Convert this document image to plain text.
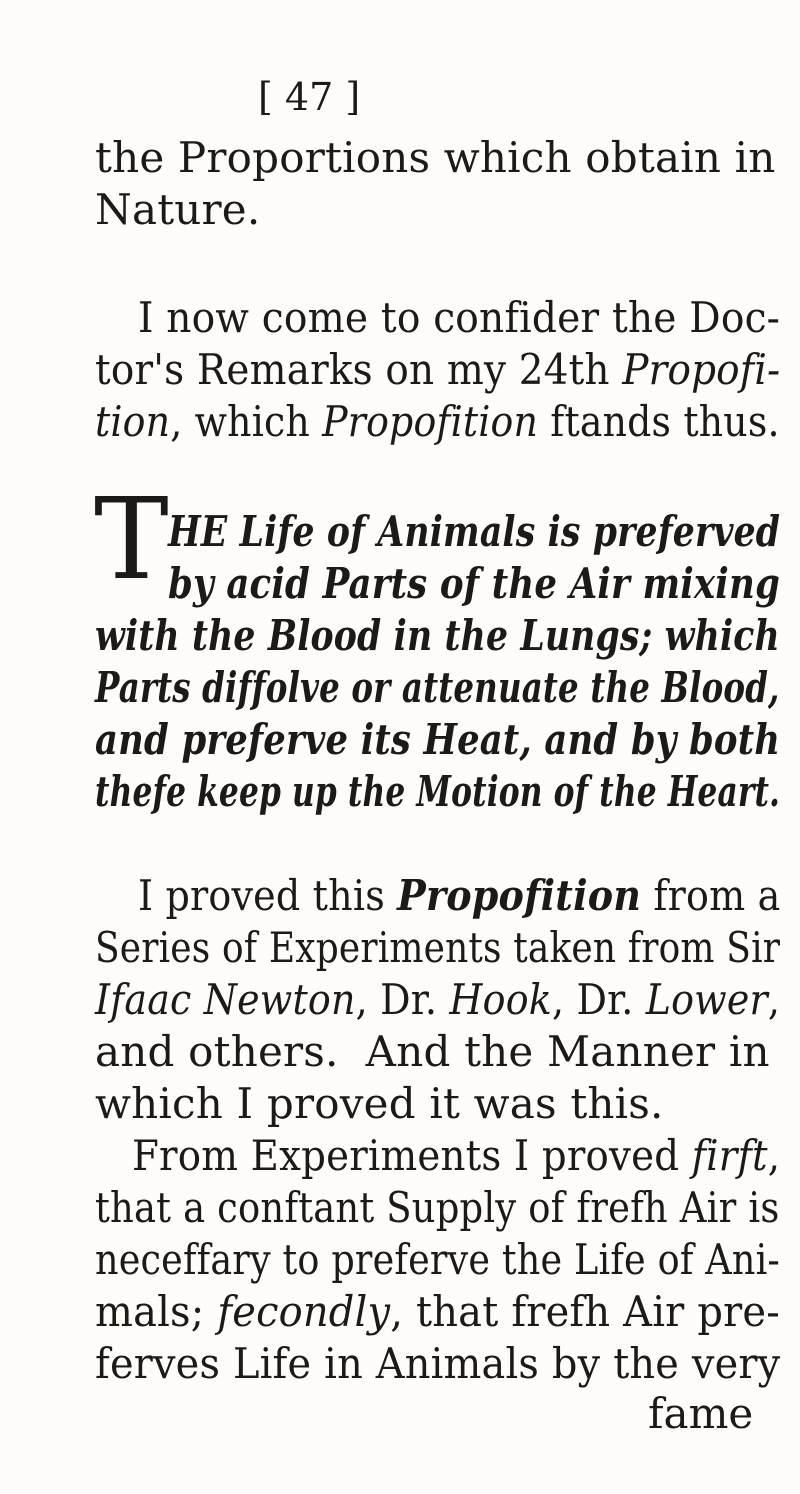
[ 47 ]
the Proportions which obtain in
Nature.
I now come to confider the Doc-
tor's Remarks on my 24th Propofi-
tion, which Propofition ftands thus.
T HE Life of Animals is preferved
by acid Parts of the Air mixing
with the Blood in the Lungs; which
Parts diffolve or attenuate the Blood,
and preferve its Heat, and by both
thefe keep up the Motion of the Heart.
I proved this Propofition from a
Series of Experiments taken from Sir
Ifaac Newton, Dr. Hook, Dr. Lower,
and others.  And the Manner in
which I proved it was this.
From Experiments I proved firft,
that a conftant Supply of frefh Air is
neceffary to preferve the Life of Ani-
mals; fecondly, that frefh Air pre-
ferves Life in Animals by the very
fame
